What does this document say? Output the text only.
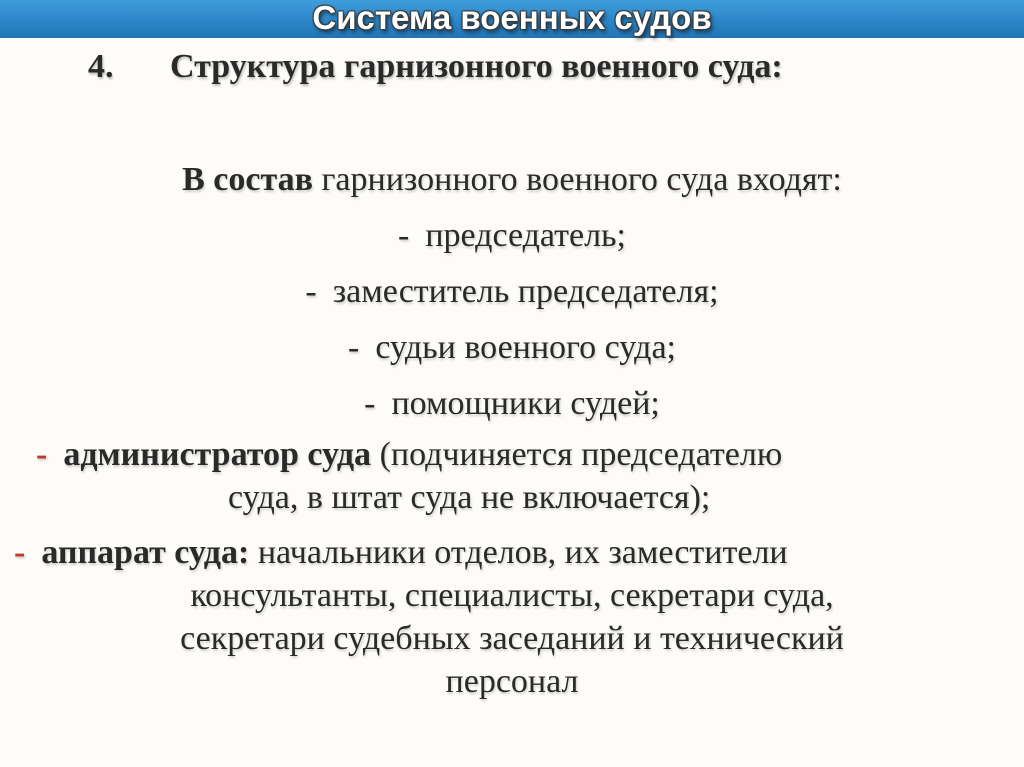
Система военных судов
4. Структура гарнизонного военного суда:
В состав гарнизонного военного суда входят:
- председатель;
- заместитель председателя;
- судьи военного суда;
- помощники судей;
- администратор суда (подчиняется председателю
суда, в штат суда не включается);
- аппарат суда: начальники отделов, их заместители
консультанты, специалисты, секретари суда,
секретари судебных заседаний и технический
персонал
